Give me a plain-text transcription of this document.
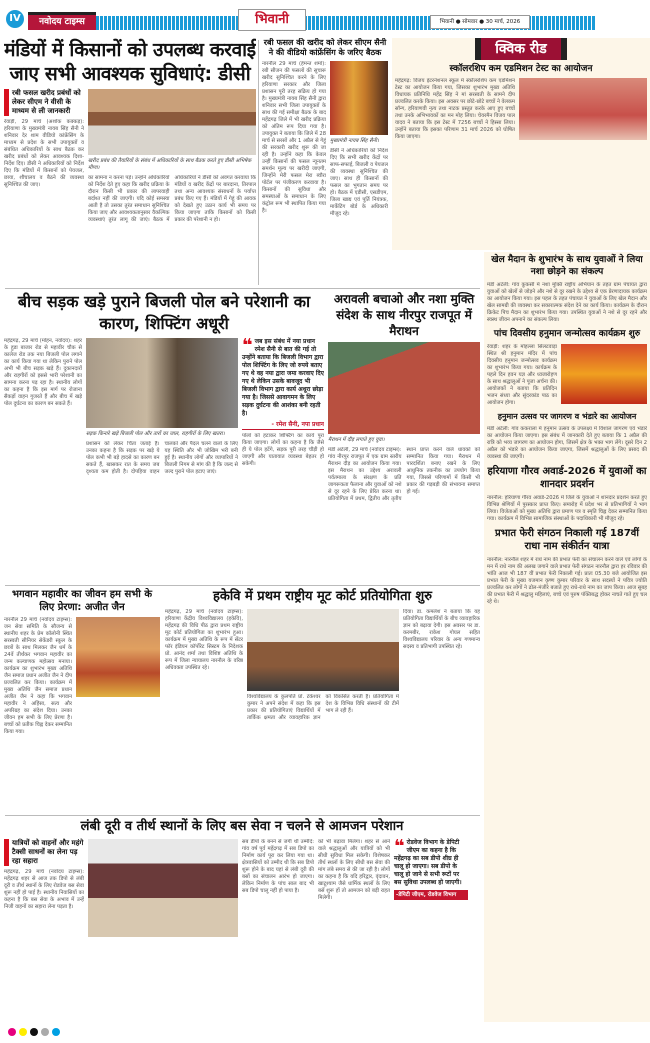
IV	नवोदय टाइम्स	भिवानी	भिवानी ● सोमवार ● 30 मार्च, 2026
मंडियों में किसानों को उपलब्ध करवाई जाए सभी आवश्यक सुविधाएं: डीसी
रबी फसल खरीद प्रबंधों को लेकर सीएम ने वीसी के माध्यम से ली जानकारी
रेवाड़ी, 29 मार्च (अशोक कक्कड़): हरियाणा के मुख्यमंत्री नायब सिंह सैनी ने शनिवार देर शाम वीडियो कांफ्रेंसिंग के माध्यम से प्रदेश के सभी उपायुक्तों व संबंधित अधिकारियों के साथ बैठक कर खरीद प्रबंधों को लेकर आवश्यक दिशा-निर्देश दिए। डीसी ने अधिकारियों को निर्देश दिए कि मंडियों में किसानों को पेयजल, छाया, शौचालय व बैठने की व्यवस्था सुनिश्चित की जाए।
खरीद प्रबंध की तैयारियों के संबंध में अधिकारियों के साथ बैठक करते हुए डीसी अभिषेक मीणा।
का सामना न करना पड़े। उन्होंने अधिकारियों को निर्देश देते हुए कहा कि खरीद प्रक्रिया के दौरान किसी भी प्रकार की लापरवाही बर्दाश्त नहीं की जाएगी। यदि कोई समस्या आती है तो उसका तुरंत समाधान सुनिश्चित किया जाए और आवश्यकतानुसार वैकल्पिक व्यवस्थाएं तुरंत लागू की जाएं। बैठक में अधिकारियों ने डीसी को अवगत करवाया कि मंडियों व खरीद केंद्रों पर बारदाना, तिरपाल तथा अन्य आवश्यक संसाधनों के पर्याप्त प्रबंध किए गए हैं। मंडियों में गेहूं की आवक को देखते हुए उठान कार्य भी समय पर किया जाएगा ताकि किसानों को किसी प्रकार की परेशानी न हो।
रबी फसल की खरीद को लेकर सीएम सैनी ने की वीडियो कांफ्रेंसिंग के जरिए बैठक
नारनौल 29 मार्च (हेमन्त शर्मा): रबी सीजन की फसलों की सुचारू खरीद सुनिश्चित करने के लिए हरियाणा सरकार और जिला प्रशासन पूरी तरह सक्रिय हो गया है। मुख्यमंत्री नायब सिंह सैनी द्वारा शनिवार सभी जिला उपायुक्तों के साथ की गई समीक्षा बैठक के बाद महेंद्रगढ़ जिले में भी खरीद प्रक्रिया को अंतिम रूप दिया गया है। उपायुक्त ने बताया कि जिले में 28 मार्च से सरसों और 1 अप्रैल से गेहूं की सरकारी खरीद शुरू की जा रही है। उन्होंने कहा कि केवल उन्हीं किसानों की फसल न्यूनतम समर्थन मूल्य पर खरीदी जाएगी, जिन्होंने मेरी फसल मेरा ब्यौरा पोर्टल पर पंजीकरण करवाया है। किसानों की सुविधा और समस्याओं के समाधान के लिए कंट्रोल रूम भी स्थापित किया गया है।
मुख्यमंत्री नायब सिंह सैनी।
डीसी ने अधिकारियों को निर्देश दिए कि सभी खरीद केंद्रों पर साफ-सफाई, बिजली व पेयजल की व्यवस्था सुनिश्चित की जाए। साथ ही किसानों की फसल का भुगतान समय पर हो। बैठक में एडीसी, एसडीएम, जिला खाद्य एवं पूर्ति नियंत्रक, मार्केटिंग बोर्ड के अधिकारी मौजूद रहे।
क्विक रीड
स्कॉलरशिप कम एडमिशन टेस्ट का आयोजन
महेंद्रगढ़: विजय इंटरनेशनल स्कूल में स्कॉलरशिप कम एडमिशन टेस्ट का आयोजन किया गया, जिसका शुभारंभ मुख्य अतिथि विधायक प्रतिनिधि महेंद्र सिंह ने मां सरस्वती के सामने दीप प्रज्वलित करके किया। इस अवसर पर छोटे-छोटे बच्चों ने वेलकम सॉन्ग, हरियाणवी नृत्य तथा नाटक प्रस्तुत करके आए हुए बच्चों तथा उनके अभिभावकों का मन मोह लिया। चेयरमैन विजय पाल यादव ने बताया कि इस टेस्ट में 7256 बच्चों ने हिस्सा लिया। उन्होंने बताया कि इसका परिणाम 31 मार्च 2026 को घोषित किया जाएगा।
खेल मैदान के शुभारंभ के साथ युवाओं ने लिया नशा छोड़ने का संकल्प
मंडी अटेली: गांव कुकसी में नशा मुक्ति राष्ट्रीय अभियान के तहत ग्राम पंचायत द्वारा युवाओं को खेलों से जोड़ने और नशे से दूर रखने के उद्देश्य से एक प्रेरणादायक कार्यक्रम का आयोजन किया गया। इस पहल के तहत पंचायत ने युवाओं के लिए खेल मैदान और खेल सामग्री की व्यवस्था कर सकारात्मक संदेश देने का कार्य किया। कार्यक्रम के दौरान क्रिकेट पिच मैदान का शुभारंभ किया गया। उपस्थित युवाओं ने नशे से दूर रहने और स्वस्थ जीवन अपनाने का संकल्प लिया।
पांच दिवसीय हनुमान जन्मोत्सव कार्यक्रम शुरु
रेवाड़ी: शहर के मोहल्ला सिलटवाड़ा स्थित श्री हनुमान मंदिर में पांच दिवसीय हनुमान जन्मोत्सव कार्यक्रम का शुभारंभ किया गया। कार्यक्रम के पहले दिन हवन यज्ञ और ध्वजारोहण के साथ श्रद्धालुओं ने पूजा अर्चना की। आयोजकों ने बताया कि प्रतिदिन भजन संध्या और सुंदरकांड पाठ का आयोजन होगा।
हनुमान उत्सव पर जागरण व भंडारे का आयोजन
मंडी अटेली: गांव ककराला में हनुमान उत्सव के उपलक्ष्य में विशाल जागरण एवं भंडारे का आयोजन किया जाएगा। इस संबंध में जानकारी देते हुए बताया कि 1 अप्रैल की रात्रि को भव्य जागरण का आयोजन होगा, जिसमें क्षेत्र के भक्त भाग लेंगे। दूसरे दिन 2 अप्रैल को भंडारे का आयोजन किया जाएगा, जिसमें श्रद्धालुओं के लिए प्रसाद की व्यवस्था की जाएगी।
हरियाणा गौरव अवार्ड-2026 में युवाओं का शानदार प्रदर्शन
नारनौल: हरियाणा गौरव अवार्ड-2026 में जिले के युवाओं ने शानदार प्रदर्शन करते हुए विभिन्न श्रेणियों में पुरस्कार प्राप्त किए। समारोह में प्रदेश भर से प्रतिभागियों ने भाग लिया। विजेताओं को मुख्य अतिथि द्वारा प्रमाण पत्र व स्मृति चिह्न देकर सम्मानित किया गया। कार्यक्रम में विभिन्न सामाजिक संस्थाओं के पदाधिकारी भी मौजूद रहे।
प्रभात फेरी संगठन निकाली गई 187वीं राधा नाम संकीर्तन यात्रा
नारनौल: नारनौल शहर में राधे नाम की प्रभात फेरी का संचालन करने वाले एवं लोगों के मन में राधे नाम की अलख जगाने वाले प्रभात फेरी संगठन नारनौल द्वारा हर रविवार की भांति आज भी 187 वीं प्रभात फेरी निकाली गई। प्रातः 05.30 बजे आयोजित इस प्रभात फेरी के मुख्य यजमान कृष्ण कुमार परिवार के साथ सदस्यों ने पवित्र ज्योति प्रज्वलित कर लोगों ने ढोल-मंजीरे बजाते हुए राधे-राधे नाम का जाप किया। आज सुबह की प्रभात फेरी में श्रद्धालु महिलाएं, बच्चे एवं पुरुष पंक्तिबद्ध होकर नाचते गाते हुए चल रहे थे।
बीच सड़क खड़े पुराने बिजली पोल बने परेशानी का कारण, शिफ्टिंग अधूरी
महेंद्रगढ़, 29 मार्च (मोहन, नवोदय): शहर के हुडा बाजार रोड से महावीर चौक से कालेज रोड तक नया बिजली पोल लगाने का कार्य किया गया था लेकिन पुराने पोल अभी भी बीच सड़क खड़े हैं। दुकानदारों और राहगीरों को इससे भारी परेशानी का सामना करना पड़ रहा है। स्थानीय लोगों का कहना है कि इस मार्ग पर रोजाना सैकड़ों वाहन गुजरते हैं और बीच में खड़े पोल दुर्घटना का कारण बन सकते हैं।
सड़क किनारे खड़े बिजली पोल और तारों का जाल, राहगीरों के लिए खतरा।
प्रशासन को लेकर चिंता जताई है। उनका कहना है कि सड़क पर खड़े ये पोल कभी भी बड़े हादसे का कारण बन सकते हैं, खासकर रात के समय जब दृश्यता कम होती है। दोपहिया वाहन चालकों और पैदल चलने वालों के लिए यह स्थिति और भी जोखिम भरी बनी हुई है। स्थानीय लोगों और व्यापारियों ने बिजली निगम से मांग की है कि जल्द से जल्द पुराने पोल हटाए जाएं।
❝ जब इस संबंध में नया प्रधान रमेश सैनी से बात की गई तो उन्होंने बताया कि बिजली विभाग द्वारा पोल शिफ्टिंग के लिए जो रुपये बताए गए थे वह नया द्वारा जमा करवाए दिए गए थे लेकिन उसके बावजूद भी बिजली विभाग द्वारा कार्य अधूरा छोड़ा गया है। जिससे आवागमन के लिए सड़क दुर्घटना की आशंका बनी रहती है।
- रमेश सैनी, नपा प्रधान
पोलों को हटाकर शिफ्टिंग का कार्य पूरा किया जाएगा। लोगों का कहना है कि जैसे ही ये पोल हटेंगे, सड़क पूरी तरह चौड़ी हो जाएगी और यातायात व्यवस्था बेहतर हो सकेगी।
अरावली बचाओ और नशा मुक्ति संदेश के साथ नीरपुर राजपूत में मैराथन
मैराथन में दौड़ लगाते हुए युवा।
मंडी अटेली, 29 मार्च (नवोदय टाइम्स): गांव नीरपुर राजपूत में एक ग्राम स्तरीय मैराथन दौड़ का आयोजन किया गया। इस मैराथन का उद्देश्य अरावली पर्वतमाला के संरक्षण के प्रति जागरूकता फैलाना और युवाओं को नशे से दूर रहने के लिए प्रेरित करना था। प्रतियोगिता में प्रथम, द्वितीय और तृतीय स्थान प्राप्त करने वाले धावकों को सम्मानित किया गया। मैराथन में पारदर्शिता बनाए रखने के लिए आधुनिक तकनीक का उपयोग किया गया, जिससे परिणामों में किसी भी प्रकार की गड़बड़ी की संभावना समाप्त हो गई।
भगवान महावीर का जीवन हम सभी के लिए प्रेरणा: अजीत जैन
नारनौल 29 मार्च (नवोदय टाइम्स): जन सेवा समिति के सौजन्य से स्थानीय शहर के प्रेम कॉलोनी स्थित सरस्वती सीनियर सेकेंडरी स्कूल के छात्रों के साथ मिलकर जैन धर्म के 24वें तीर्थंकर भगवान महावीर का जन्म कल्याणक महोत्सव मनाया। कार्यक्रम का शुभारंभ मुख्य अतिथि जैन समाज प्रधान अजीत जैन ने दीप प्रज्वलित कर किया। कार्यक्रम में मुख्य अतिथि जैन समाज प्रधान अजीत जैन ने कहा कि भगवान महावीर ने अहिंसा, सत्य और अपरिग्रह का संदेश दिया। उनका जीवन हम सभी के लिए प्रेरणा है। बच्चों को प्रतीक चिह्न देकर सम्मानित किया गया।
हकेवि में प्रथम राष्ट्रीय मूट कोर्ट प्रतियोगिता शुरु
महेंद्रगढ़, 29 मार्च (नवोदय टाइम्स): हरियाणा केंद्रीय विश्वविद्यालय (हकेवि), महेंद्रगढ़ की विधि पीठ द्वारा प्रथम राष्ट्रीय मूट कोर्ट प्रतियोगिता का शुभारंभ हुआ। कार्यक्रम में मुख्य अतिथि के रूप में सेंटर फॉर इंडियन कॉर्पोरेट सिस्टम के निदेशक प्रो. आनंद शर्मा तथा विशिष्ट अतिथि के रूप में जिला न्यायालय नारनौल के वरिष्ठ अधिवक्ता उपस्थित रहे।
विश्वविद्यालय के कुलपति प्रो. टंकेश्वर कुमार ने अपने संदेश में कहा कि इस प्रकार की प्रतियोगिताएं विद्यार्थियों में तार्किक क्षमता और व्यावहारिक ज्ञान को विकसित करती हैं। प्रतियोगिता में देश के विभिन्न विधि संस्थानों की टीमें भाग ले रही हैं।
दिया। डा. कमलेश ने बताया कि यह प्रतियोगिता विद्यार्थियों के बीच व्यावहारिक ज्ञान को बढ़ावा देगी। इस अवसर पर डा. करमबीर, राकेश गोयल सहित विश्वविद्यालय परिवार के अन्य गणमान्य सदस्य व प्रतिभागी उपस्थित रहे।
लंबी दूरी व तीर्थ स्थानों के लिए बस सेवा न चलने से आमजन परेशान
यात्रियों को वाहनों और महंगे टैक्सी साधनों का लेना पड़ रहा सहारा
महेंद्रगढ़, 29 मार्च (नवोदय टाइम्स): महेंद्रगढ़ शहर से आज तक डिपो से लंबी दूरी व तीर्थ स्थानों के लिए रोडवेज बस सेवा शुरू नहीं हो पाई है। स्थानीय निवासियों का कहना है कि बस सेवा के अभाव में उन्हें निजी वाहनों का सहारा लेना पड़ता है।
सब डीपो के बनने से जगी थी उम्मीदें: गांव वर्ष पूर्व महेंद्रगढ़ में सब डिपो का निर्माण कार्य पूरा कर लिया गया था। क्षेत्रवासियों को उम्मीद थी कि सब डिपो शुरू होने के बाद यहां से लंबी दूरी की बसों का संचालन आरंभ हो जाएगा। लेकिन निर्माण के पांच साल बाद भी सब डिपो चालू नहीं हो पाया है।
को भी बढ़ावा मिलेगा। शहर से आने वाले श्रद्धालुओं और यात्रियों को भी सीधी सुविधा मिल सकेगी। विशेषकर तीर्थ स्थलों के लिए सीधी बस सेवा की मांग लंबे समय से की जा रही है। लोगों का कहना है कि यदि हरिद्वार, वृंदावन, खाटूश्याम जैसे धार्मिक स्थलों के लिए बसें शुरू हों तो आमजन को बड़ी राहत मिलेगी।
❝ रोडवेज विभाग के डेपिटी जीएम का कहना है कि महेंद्रगढ़ का सब डीपो शीघ्र ही चालू हो जाएगा। सब डीपो के चालू हो जाने से सभी रूटों पर बस सुविधा उपलब्ध हो जाएगी।
-डेपिटी जीएम, रोडवेज विभाग
